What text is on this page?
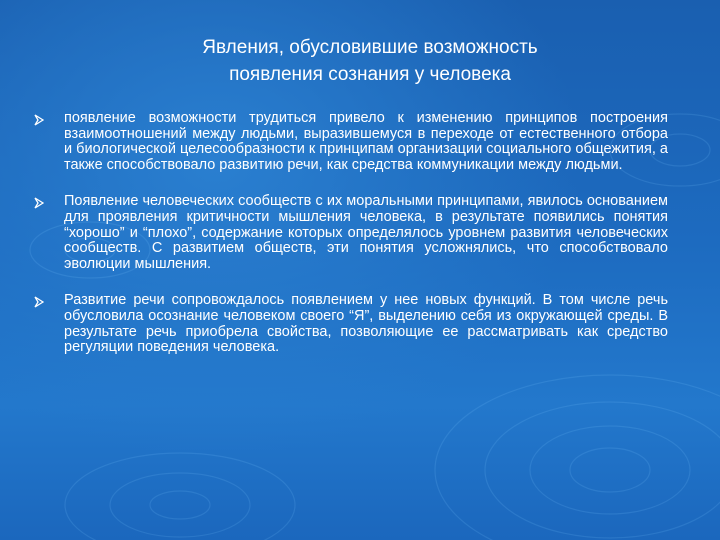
Явления, обусловившие возможность
появления сознания у человека
появление возможности трудиться привело к изменению принципов построения взаимоотношений между людьми, выразившемуся в переходе от естественного отбора и биологической целесообразности к принципам организации социального общежития, а также способствовало развитию речи, как средства коммуникации между людьми.
Появление человеческих сообществ с их моральными принципами, явилось основанием для проявления критичности мышления человека, в результате появились понятия “хорошо” и “плохо”, содержание которых определялось уровнем развития человеческих сообществ. С развитием обществ, эти понятия усложнялись, что способствовало эволюции мышления.
Развитие речи сопровождалось появлением у нее новых функций. В том числе речь обусловила осознание человеком своего “Я”, выделению себя из окружающей среды. В результате речь приобрела свойства, позволяющие ее рассматривать как средство регуляции поведения человека.
